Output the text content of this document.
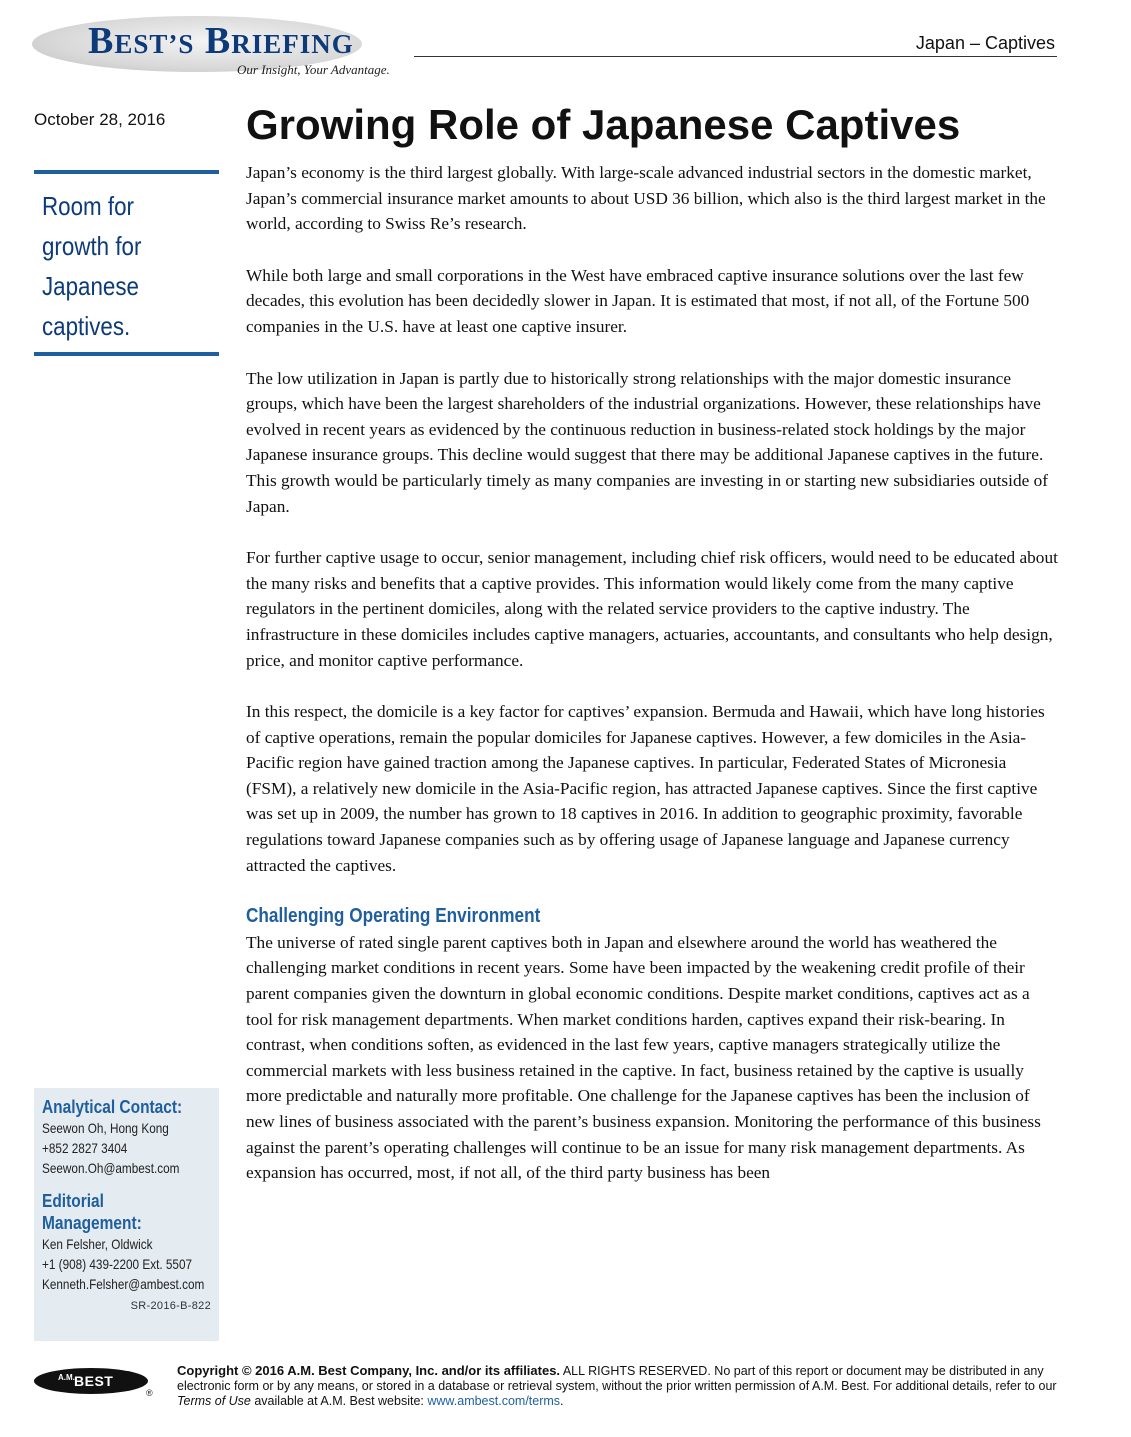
BEST’S BRIEFING
Our Insight, Your Advantage.
Japan – Captives
October 28, 2016
Room for
growth for
Japanese
captives.
Analytical Contact:
Seewon Oh, Hong Kong
+852 2827 3404
Seewon.Oh@ambest.com
Editorial
Management:
Ken Felsher, Oldwick
+1 (908) 439-2200 Ext. 5507
Kenneth.Felsher@ambest.com
SR-2016-B-822
Growing Role of Japanese Captives

Japan’s economy is the third largest globally. With large-scale advanced industrial sectors in the domestic market, Japan’s commercial insurance market amounts to about USD 36 billion, which also is the third largest market in the world, according to Swiss Re’s research.

While both large and small corporations in the West have embraced captive insurance solutions over the last few decades, this evolution has been decidedly slower in Japan. It is estimated that most, if not all, of the Fortune 500 companies in the U.S. have at least one captive insurer.

The low utilization in Japan is partly due to historically strong relationships with the major domestic insurance groups, which have been the largest shareholders of the industrial organizations. However, these relationships have evolved in recent years as evidenced by the continuous reduction in business-related stock holdings by the major Japanese insurance groups. This decline would suggest that there may be additional Japanese captives in the future. This growth would be particularly timely as many companies are investing in or starting new subsidiaries outside of Japan.

For further captive usage to occur, senior management, including chief risk officers, would need to be educated about the many risks and benefits that a captive provides. This information would likely come from the many captive regulators in the pertinent domiciles, along with the related service providers to the captive industry. The infrastructure in these domiciles includes captive managers, actuaries, accountants, and consultants who help design, price, and monitor captive performance.

In this respect, the domicile is a key factor for captives’ expansion. Bermuda and Hawaii, which have long histories of captive operations, remain the popular domiciles for Japanese captives. However, a few domiciles in the Asia-Pacific region have gained traction among the Japanese captives. In particular, Federated States of Micronesia (FSM), a relatively new domicile in the Asia-Pacific region, has attracted Japanese captives. Since the first captive was set up in 2009, the number has grown to 18 captives in 2016. In addition to geographic proximity, favorable regulations toward Japanese companies such as by offering usage of Japanese language and Japanese currency attracted the captives.

Challenging Operating Environment
The universe of rated single parent captives both in Japan and elsewhere around the world has weathered the challenging market conditions in recent years. Some have been impacted by the weakening credit profile of their parent companies given the downturn in global economic conditions. Despite market conditions, captives act as a tool for risk management departments. When market conditions harden, captives expand their risk-bearing. In contrast, when conditions soften, as evidenced in the last few years, captive managers strategically utilize the commercial markets with less business retained in the captive. In fact, business retained by the captive is usually more predictable and naturally more profitable. One challenge for the Japanese captives has been the inclusion of new lines of business associated with the parent’s business expansion. Monitoring the performance of this business against the parent’s operating challenges will continue to be an issue for many risk management departments. As expansion has occurred, most, if not all, of the third party business has been
A.M. BEST
®
Copyright © 2016 A.M. Best Company, Inc. and/or its affiliates. ALL RIGHTS RESERVED. No part of this report or document may be distributed in any electronic form or by any means, or stored in a database or retrieval system, without the prior written permission of A.M. Best. For additional details, refer to our Terms of Use available at A.M. Best website: www.ambest.com/terms.
